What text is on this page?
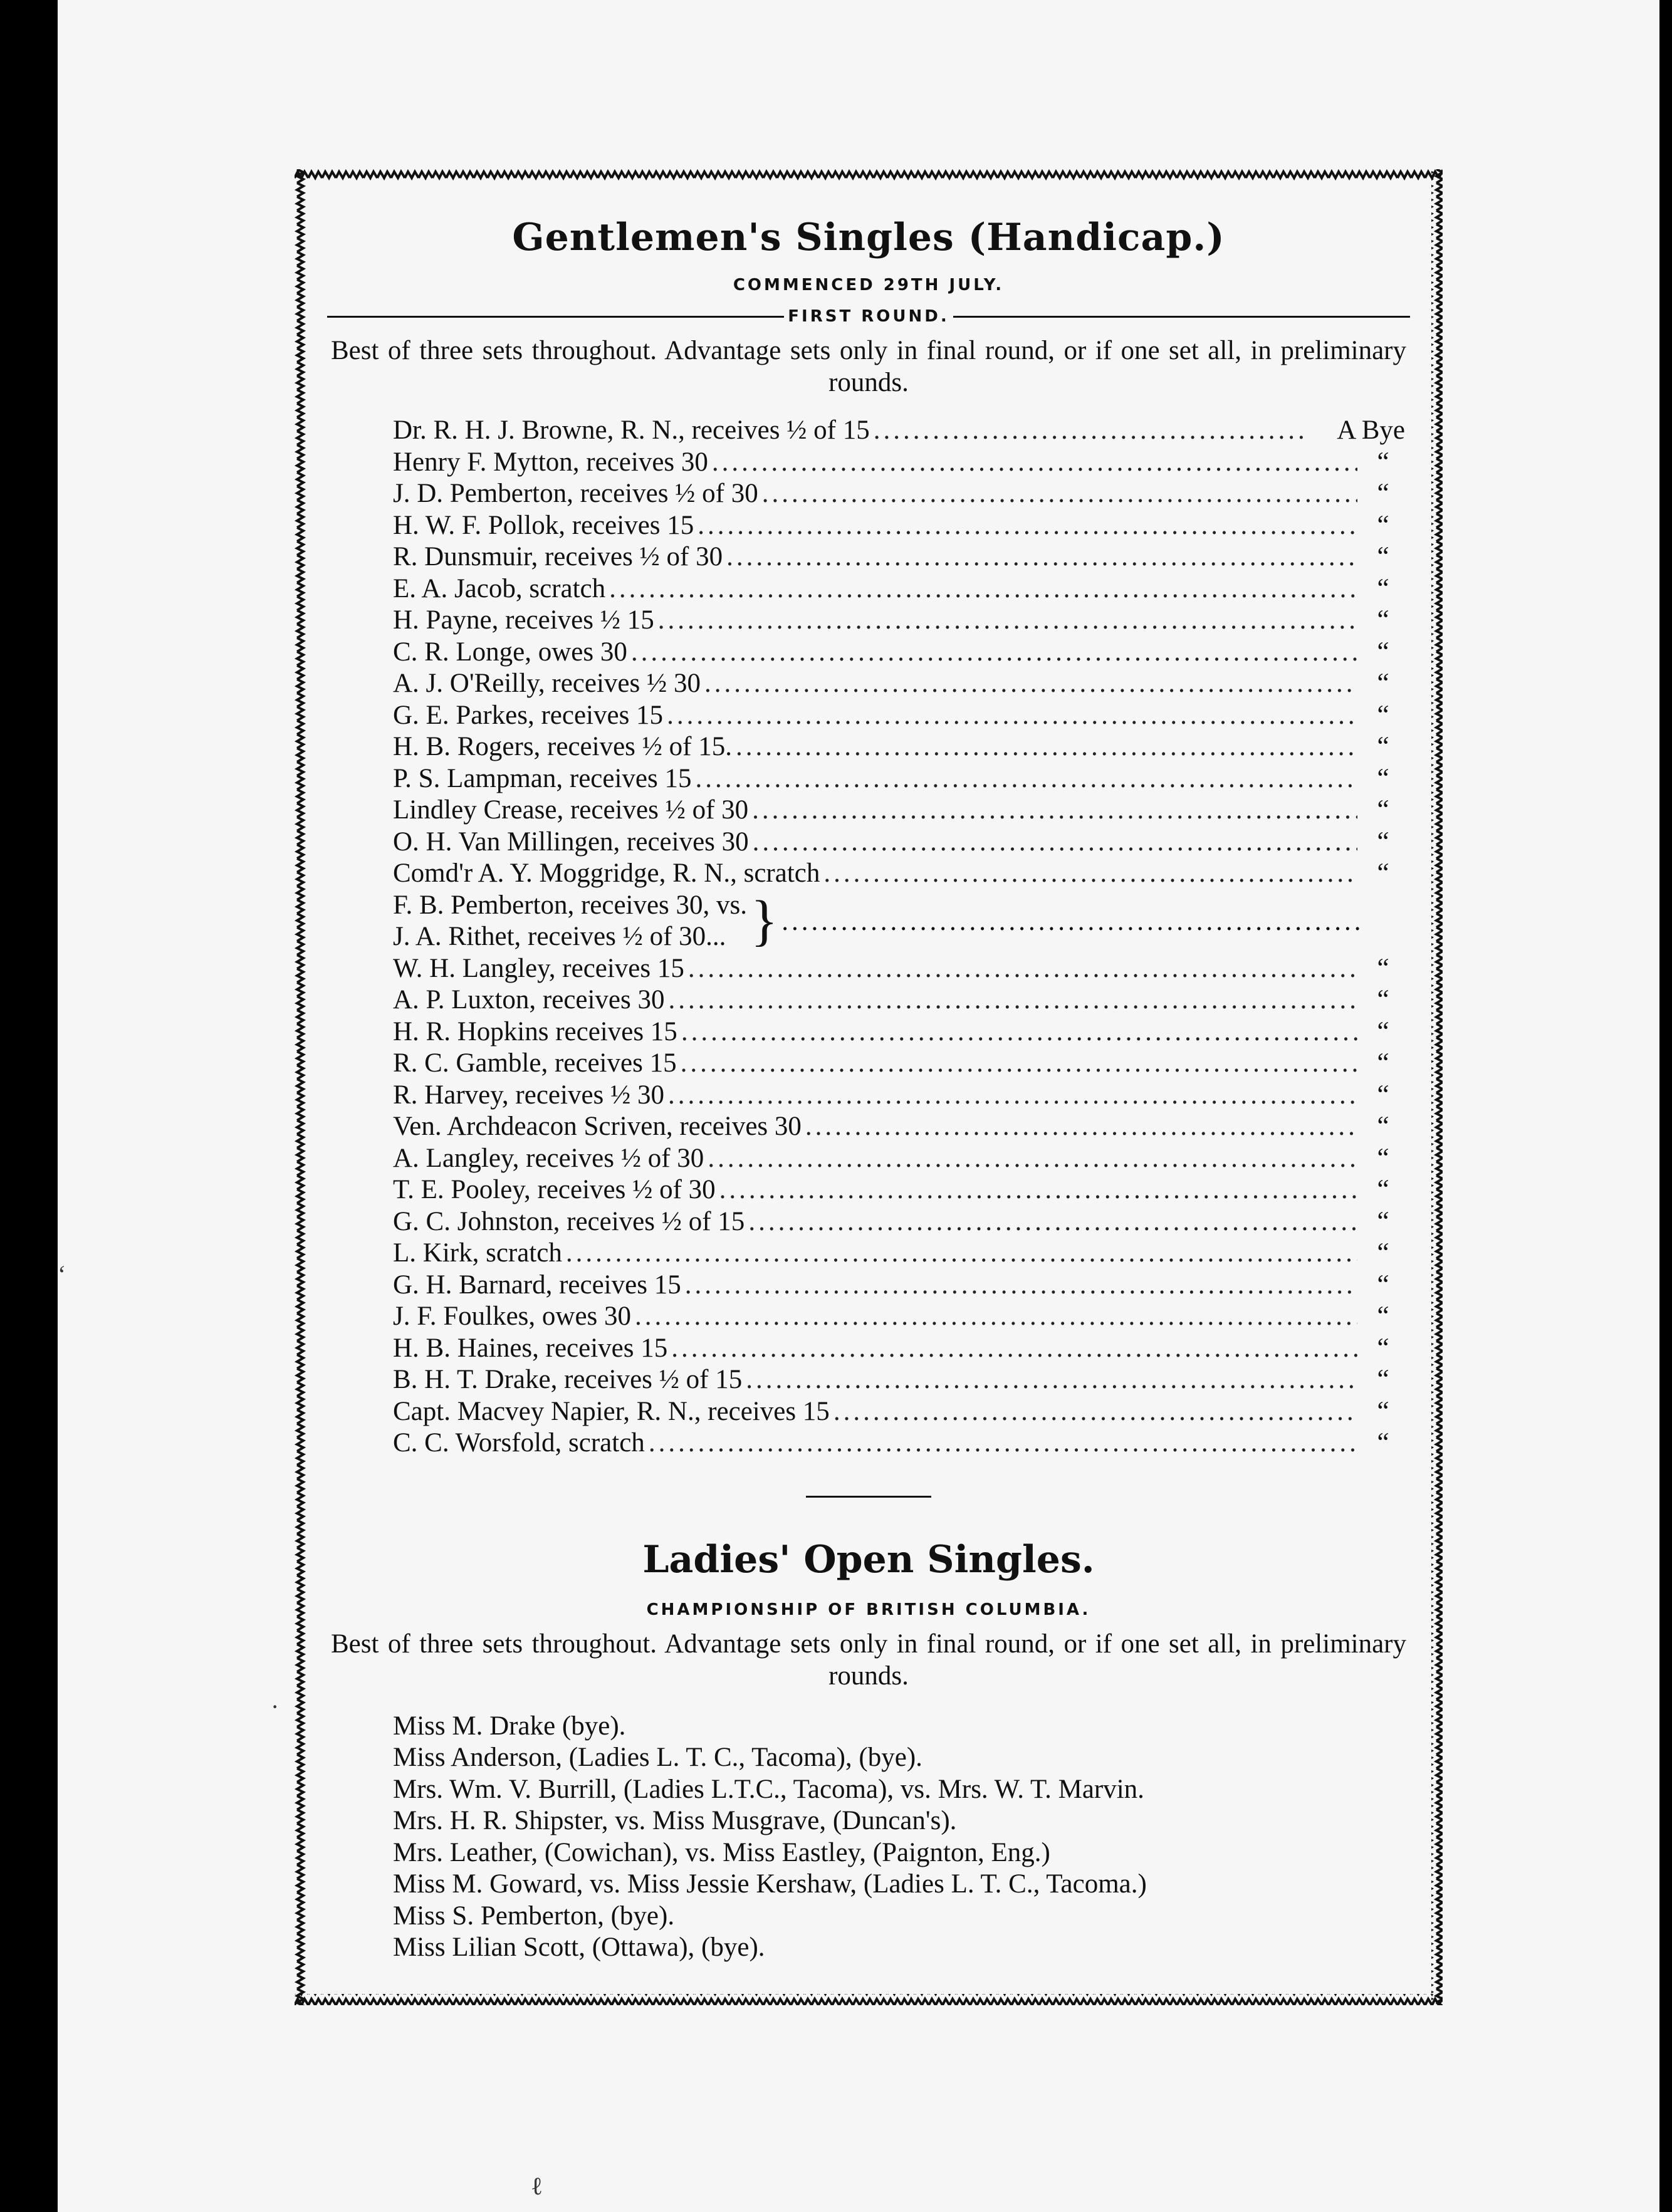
Gentlemen's Singles (Handicap.)
COMMENCED 29TH JULY.
FIRST ROUND.
Best of three sets throughout. Advantage sets only in final round, or if one set all, in preliminary rounds.
Dr. R. H. J. Browne, R. N., receives ½ of 15 .....	A Bye
Henry F. Mytton, receives 30 .....	“
J. D. Pemberton, receives ½ of 30 .....	“
H. W. F. Pollok, receives 15 .....	“
R. Dunsmuir, receives ½ of 30 .....	“
E. A. Jacob, scratch .....	“
H. Payne, receives ½ 15 .....	“
C. R. Longe, owes 30 .....	“
A. J. O'Reilly, receives ½ 30 .....	“
G. E. Parkes, receives 15 .....	“
H. B. Rogers, receives ½ of 15. .....	“
P. S. Lampman, receives 15 .....	“
Lindley Crease, receives ½ of 30 .....	“
O. H. Van Millingen, receives 30 .....	“
Comd'r A. Y. Moggridge, R. N., scratch .....	“
F. B. Pemberton, receives 30, vs.
J. A. Rithet, receives ½ of 30... }
.....
W. H. Langley, receives 15 .....	“
A. P. Luxton, receives 30 .....	“
H. R. Hopkins receives 15 .....	“
R. C. Gamble, receives 15 .....	“
R. Harvey, receives ½ 30 .....	“
Ven. Archdeacon Scriven, receives 30 .....	“
A. Langley, receives ½ of 30 .....	“
T. E. Pooley, receives ½ of 30 .....	“
G. C. Johnston, receives ½ of 15 .....	“
L. Kirk, scratch .....	“
G. H. Barnard, receives 15 .....	“
J. F. Foulkes, owes 30 .....	“
H. B. Haines, receives 15 .....	“
B. H. T. Drake, receives ½ of 15 .....	“
Capt. Macvey Napier, R. N., receives 15 .....	“
C. C. Worsfold, scratch .....	“
Ladies' Open Singles.
CHAMPIONSHIP OF BRITISH COLUMBIA.
Best of three sets throughout. Advantage sets only in final round, or if one set all, in preliminary rounds.
Miss M. Drake (bye).
Miss Anderson, (Ladies L. T. C., Tacoma), (bye).
Mrs. Wm. V. Burrill, (Ladies L.T.C., Tacoma), vs. Mrs. W. T. Marvin.
Mrs. H. R. Shipster, vs. Miss Musgrave, (Duncan's).
Mrs. Leather, (Cowichan), vs. Miss Eastley, (Paignton, Eng.)
Miss M. Goward, vs. Miss Jessie Kershaw, (Ladies L. T. C., Tacoma.)
Miss S. Pemberton, (bye).
Miss Lilian Scott, (Ottawa), (bye).
‘
·
ℓ
